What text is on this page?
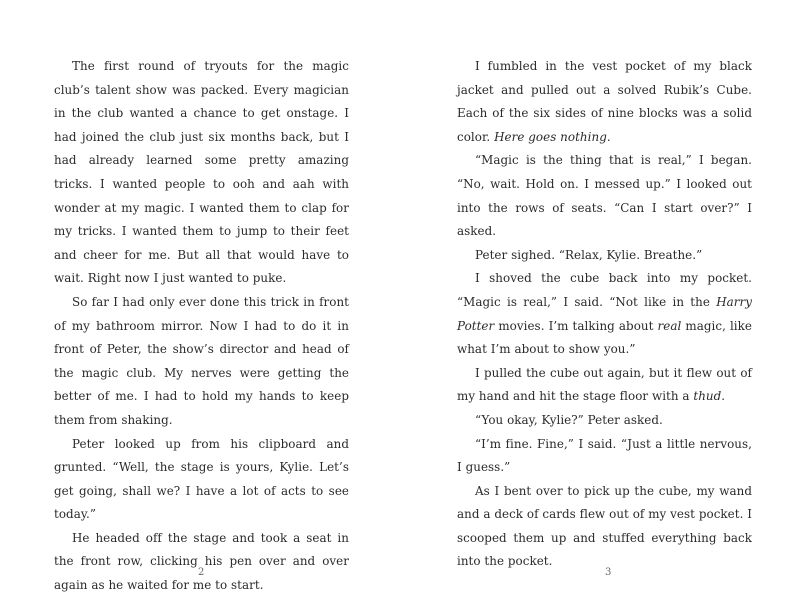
The first round of tryouts for the magic club’s talent show was packed. Every magician in the club wanted a chance to get onstage. I had joined the club just six months back, but I had already learned some pretty amazing tricks. I wanted people to ooh and aah with wonder at my magic. I wanted them to clap for my tricks. I wanted them to jump to their feet and cheer for me. But all that would have to wait. Right now I just wanted to puke.

So far I had only ever done this trick in front of my bathroom mirror. Now I had to do it in front of Peter, the show’s director and head of the magic club. My nerves were getting the better of me. I had to hold my hands to keep them from shaking.

Peter looked up from his clipboard and grunted. “Well, the stage is yours, Kylie. Let’s get going, shall we? I have a lot of acts to see today.”

He headed off the stage and took a seat in the front row, clicking his pen over and over again as he waited for me to start.

I fumbled in the vest pocket of my black jacket and pulled out a solved Rubik’s Cube. Each of the six sides of nine blocks was a solid color. Here goes nothing.

“Magic is the thing that is real,” I began. “No, wait. Hold on. I messed up.” I looked out into the rows of seats. “Can I start over?” I asked.

Peter sighed. “Relax, Kylie. Breathe.”

I shoved the cube back into my pocket. “Magic is real,” I said. “Not like in the Harry Potter movies. I’m talking about real magic, like what I’m about to show you.”

I pulled the cube out again, but it flew out of my hand and hit the stage floor with a thud.

“You okay, Kylie?” Peter asked.

“I’m fine. Fine,” I said. “Just a little nervous, I guess.”

As I bent over to pick up the cube, my wand and a deck of cards flew out of my vest pocket. I scooped them up and stuffed everything back into the pocket.

2	3
